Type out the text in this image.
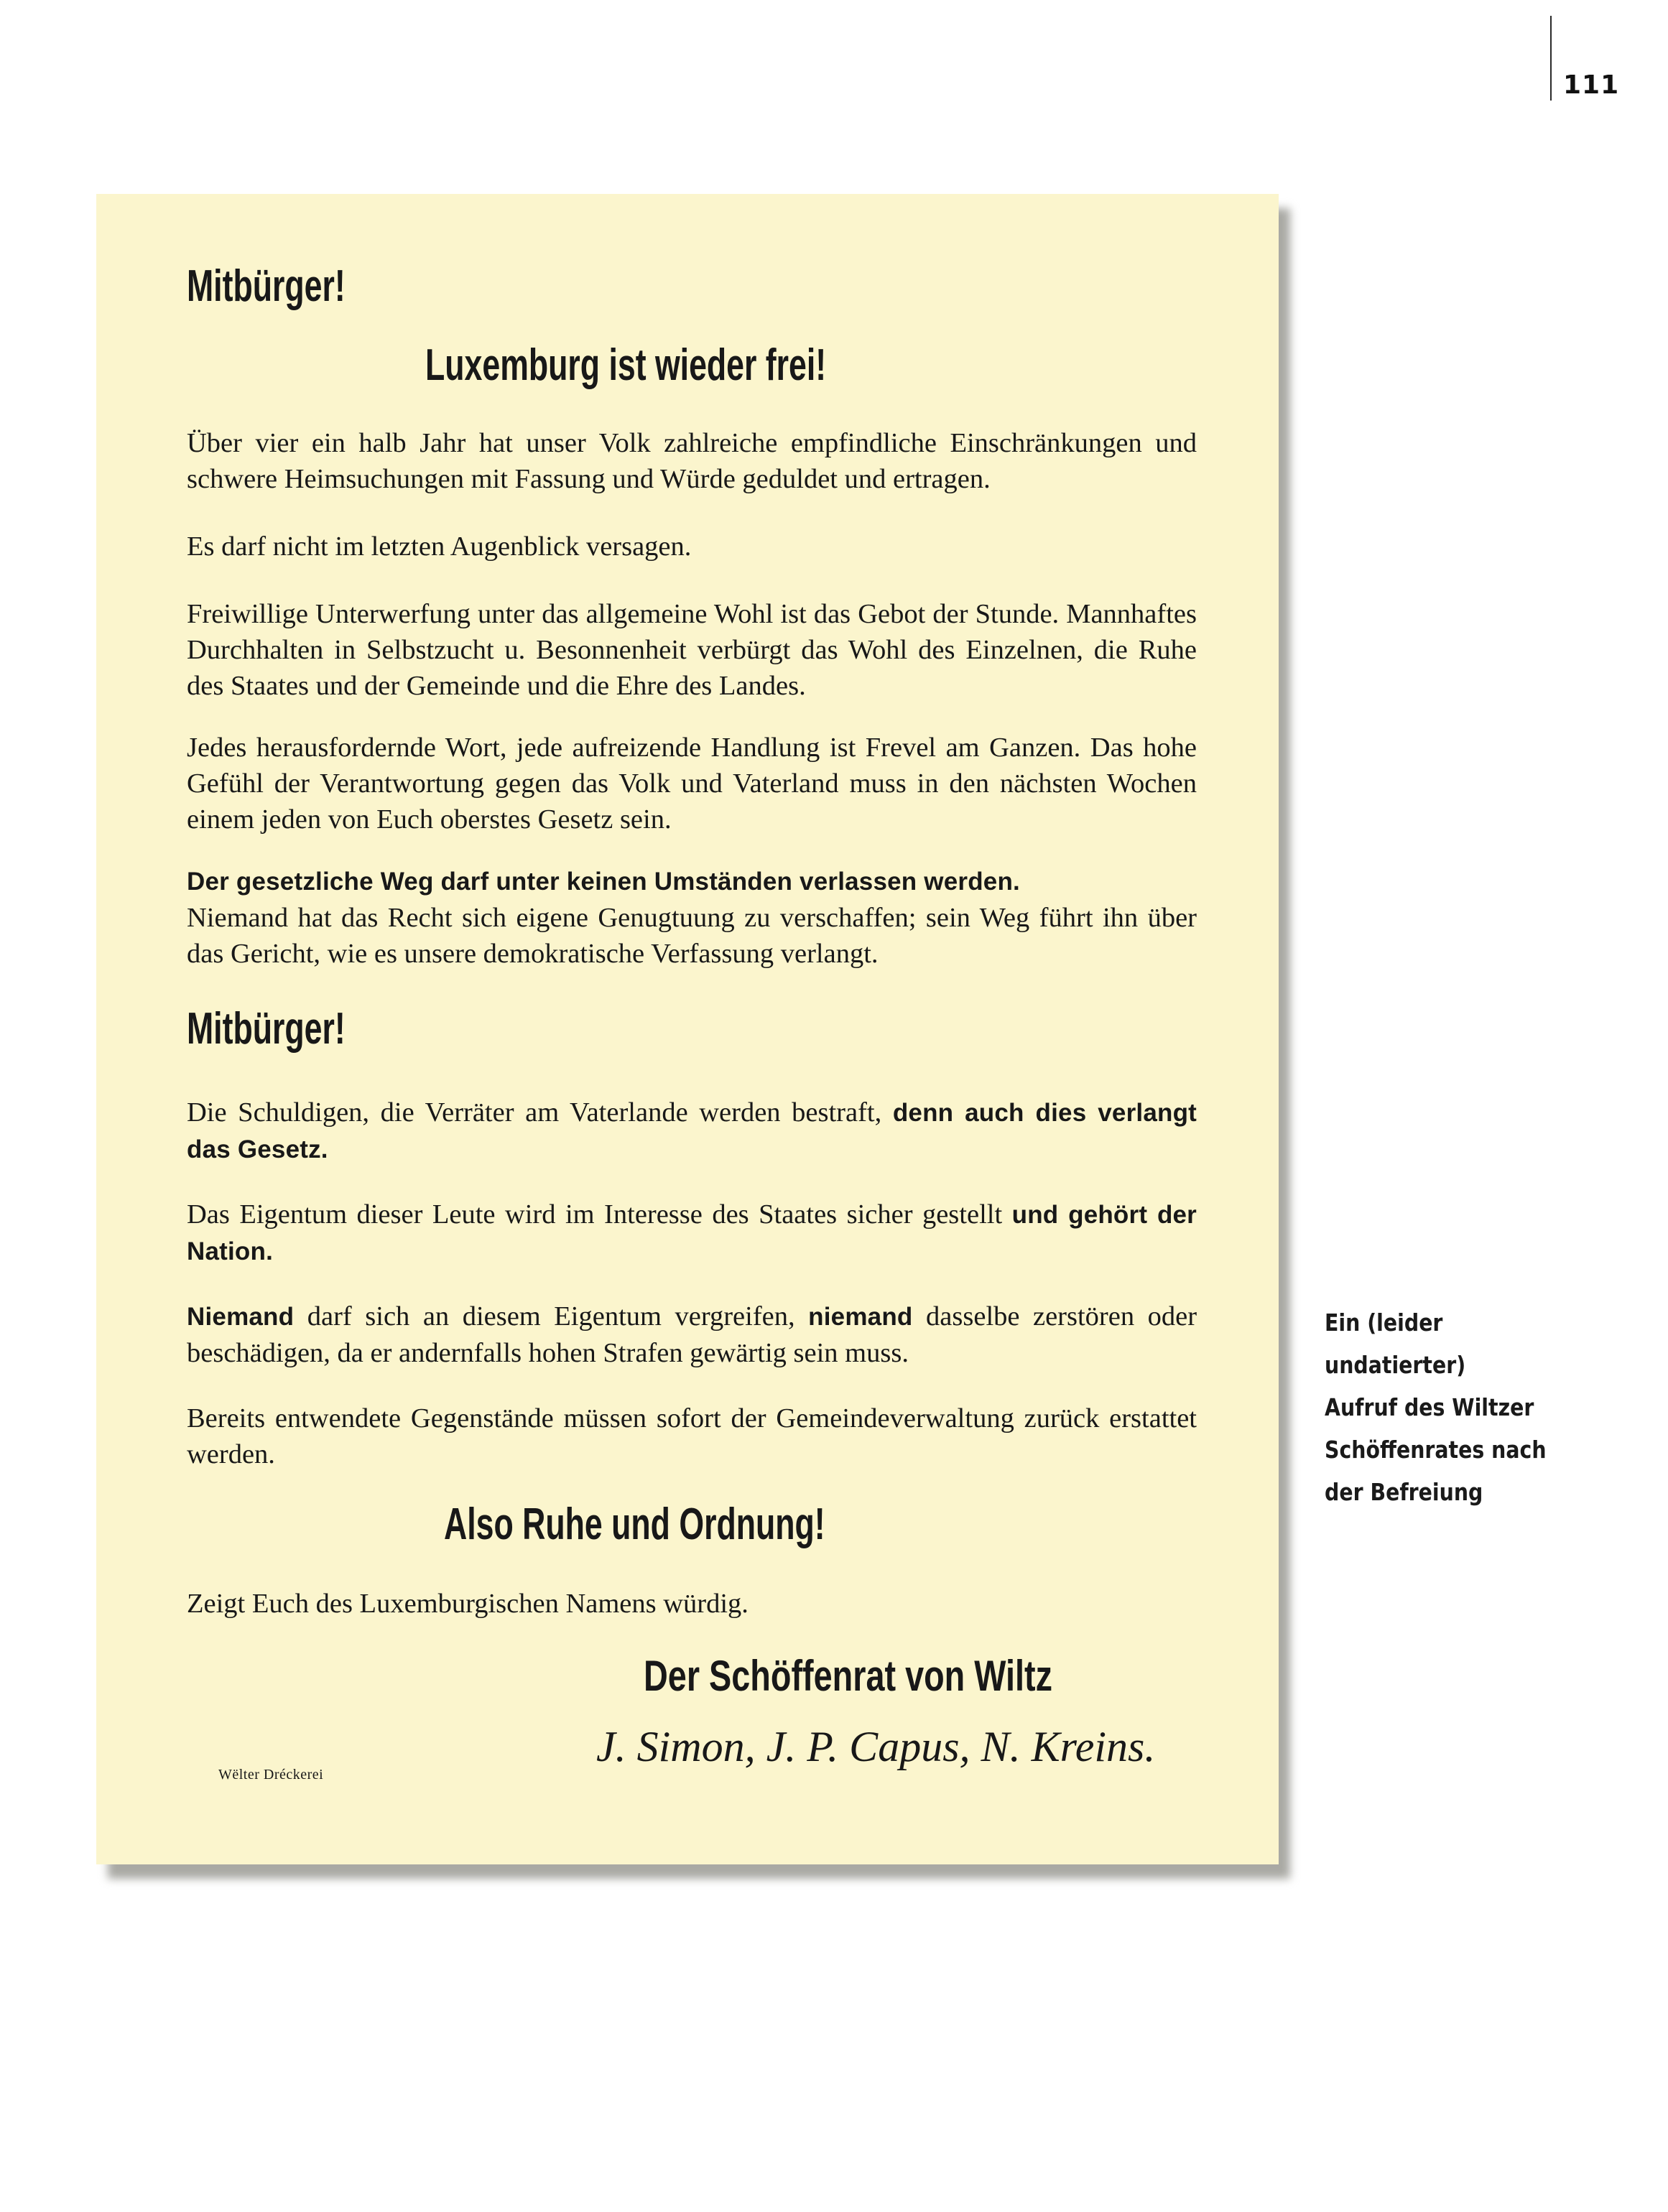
111
Mitbürger!
Luxemburg ist wieder frei!

Über vier ein halb Jahr hat unser Volk zahlreiche empfindliche Einschränkungen und schwere Heimsuchungen mit Fassung und Würde geduldet und ertragen.

Es darf nicht im letzten Augenblick versagen.

Freiwillige Unterwerfung unter das allgemeine Wohl ist das Gebot der Stunde. Mannhaftes Durchhalten in Selbstzucht u. Besonnenheit verbürgt das Wohl des Einzelnen, die Ruhe des Staates und der Gemeinde und die Ehre des Landes.

Jedes herausfordernde Wort, jede aufreizende Handlung ist Frevel am Ganzen. Das hohe Gefühl der Verantwortung gegen das Volk und Vaterland muss in den nächsten Wochen einem jeden von Euch oberstes Gesetz sein.

Der gesetzliche Weg darf unter keinen Umständen verlassen werden.
Niemand hat das Recht sich eigene Genugtuung zu verschaffen; sein Weg führt ihn über das Gericht, wie es unsere demokratische Verfassung verlangt.

Mitbürger!

Die Schuldigen, die Verräter am Vaterlande werden bestraft, denn auch dies verlangt das Gesetz.

Das Eigentum dieser Leute wird im Interesse des Staates sicher gestellt und gehört der Nation.

Niemand darf sich an diesem Eigentum vergreifen, niemand dasselbe zerstören oder beschädigen, da er andernfalls hohen Strafen gewärtig sein muss.

Bereits entwendete Gegenstände müssen sofort der Gemeindeverwaltung zurück erstattet werden.

Also Ruhe und Ordnung!

Zeigt Euch des Luxemburgischen Namens würdig.

Der Schöffenrat von Wiltz
J. Simon, J. P. Capus, N. Kreins.
Wëlter Dréckerei
Ein (leider
undatierter)
Aufruf des Wiltzer
Schöffenrates nach
der Befreiung
